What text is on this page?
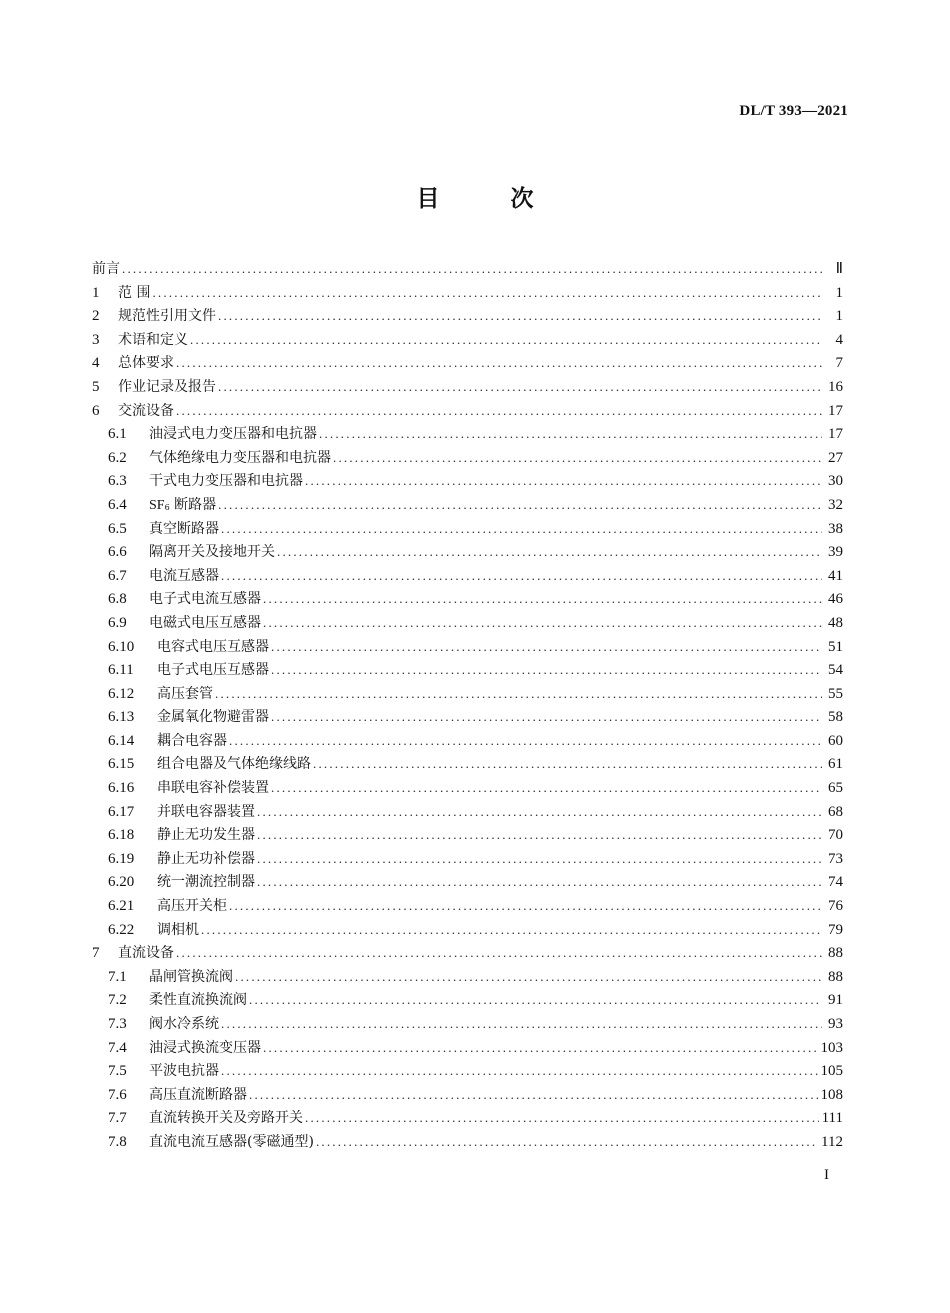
DL/T 393—2021
目	次
前言 .....	Ⅱ
1	范 围 .....	1
2	规范性引用文件 .....	1
3	术语和定义 .....	4
4	总体要求 .....	7
5	作业记录及报告 .....	16
6	交流设备 .....	17
6.1	油浸式电力变压器和电抗器 .....	17
6.2	气体绝缘电力变压器和电抗器 .....	27
6.3	干式电力变压器和电抗器 .....	30
6.4	$SF_6$ 断路器 .....	32
6.5	真空断路器 .....	38
6.6	隔离开关及接地开关 .....	39
6.7	电流互感器 .....	41
6.8	电子式电流互感器 .....	46
6.9	电磁式电压互感器 .....	48
6.10	电容式电压互感器 .....	51
6.11	电子式电压互感器 .....	54
6.12	高压套管 .....	55
6.13	金属氧化物避雷器 .....	58
6.14	耦合电容器 .....	60
6.15	组合电器及气体绝缘线路 .....	61
6.16	串联电容补偿装置 .....	65
6.17	并联电容器装置 .....	68
6.18	静止无功发生器 .....	70
6.19	静止无功补偿器 .....	73
6.20	统一潮流控制器 .....	74
6.21	高压开关柜 .....	76
6.22	调相机 .....	79
7	直流设备 .....	88
7.1	晶闸管换流阀 .....	88
7.2	柔性直流换流阀 .....	91
7.3	阀水冷系统 .....	93
7.4	油浸式换流变压器 .....	103
7.5	平波电抗器 .....	105
7.6	高压直流断路器 .....	108
7.7	直流转换开关及旁路开关 .....	111
7.8	直流电流互感器(零磁通型) .....	112
I
